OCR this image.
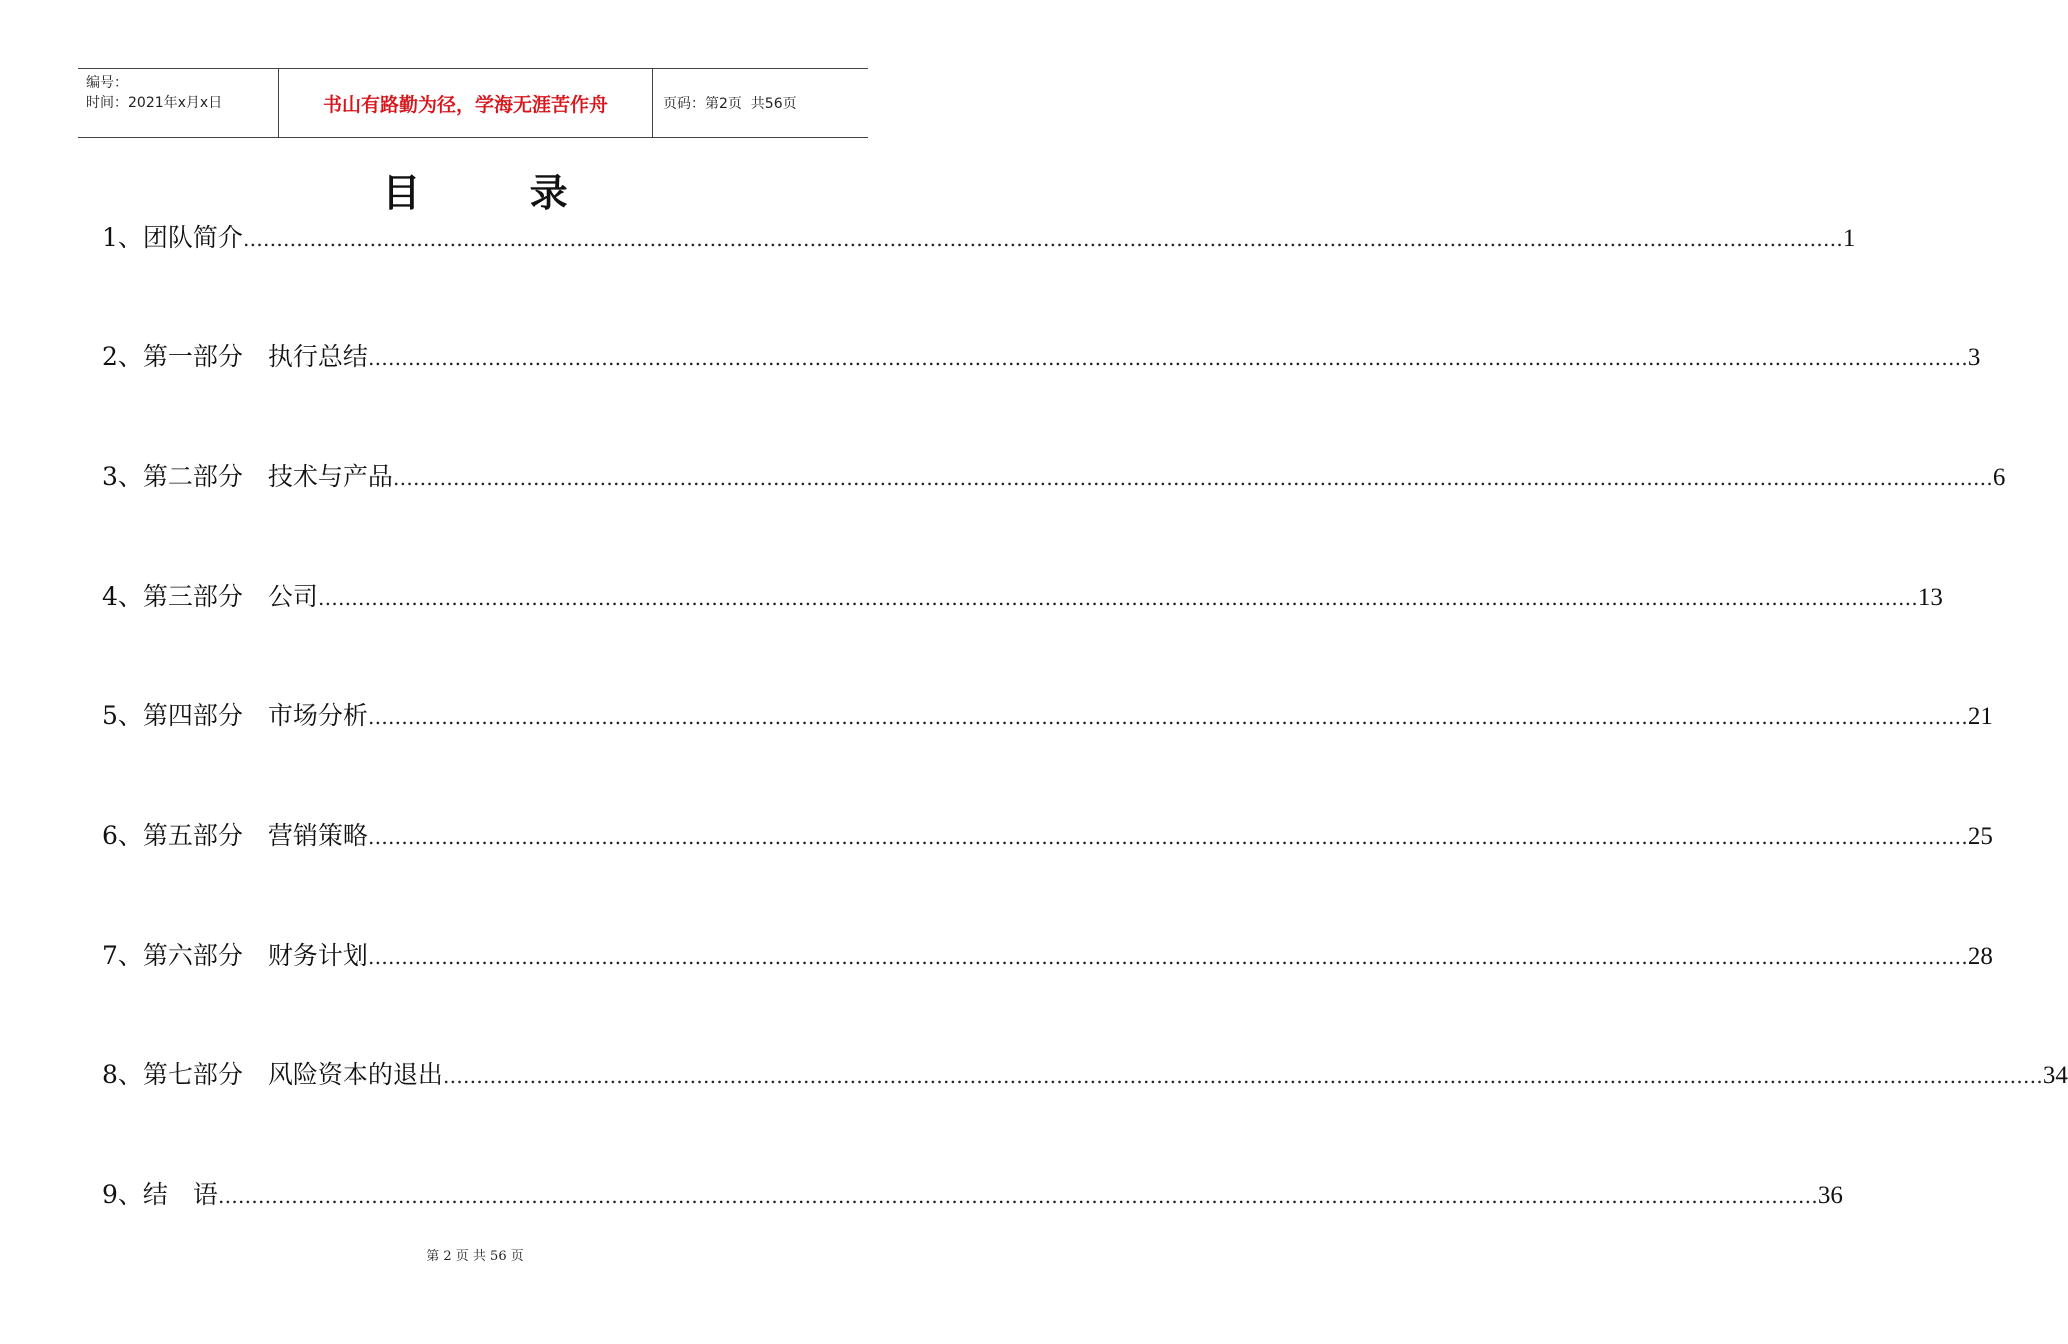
编号：
时间：2021年x月x日	书山有路勤为径，学海无涯苦作舟	页码：第2页  共56页
目 录
1、团队简介 …………………………………………………………………………………………………………………………………………………………………………………………………………………… 1
2、第一部分　执行总结 …………………………………………………………………………………………………………………………………………………………………………………………………………………… 3
3、第二部分　技术与产品 …………………………………………………………………………………………………………………………………………………………………………………………………………………… 6
4、第三部分　公司 …………………………………………………………………………………………………………………………………………………………………………………………………………………… 13
5、第四部分　市场分析 …………………………………………………………………………………………………………………………………………………………………………………………………………………… 21
6、第五部分　营销策略 …………………………………………………………………………………………………………………………………………………………………………………………………………………… 25
7、第六部分　财务计划 …………………………………………………………………………………………………………………………………………………………………………………………………………………… 28
8、第七部分　风险资本的退出 …………………………………………………………………………………………………………………………………………………………………………………………………………………… 34
9、结　语 …………………………………………………………………………………………………………………………………………………………………………………………………………………… 36
第 2 页 共 56 页
